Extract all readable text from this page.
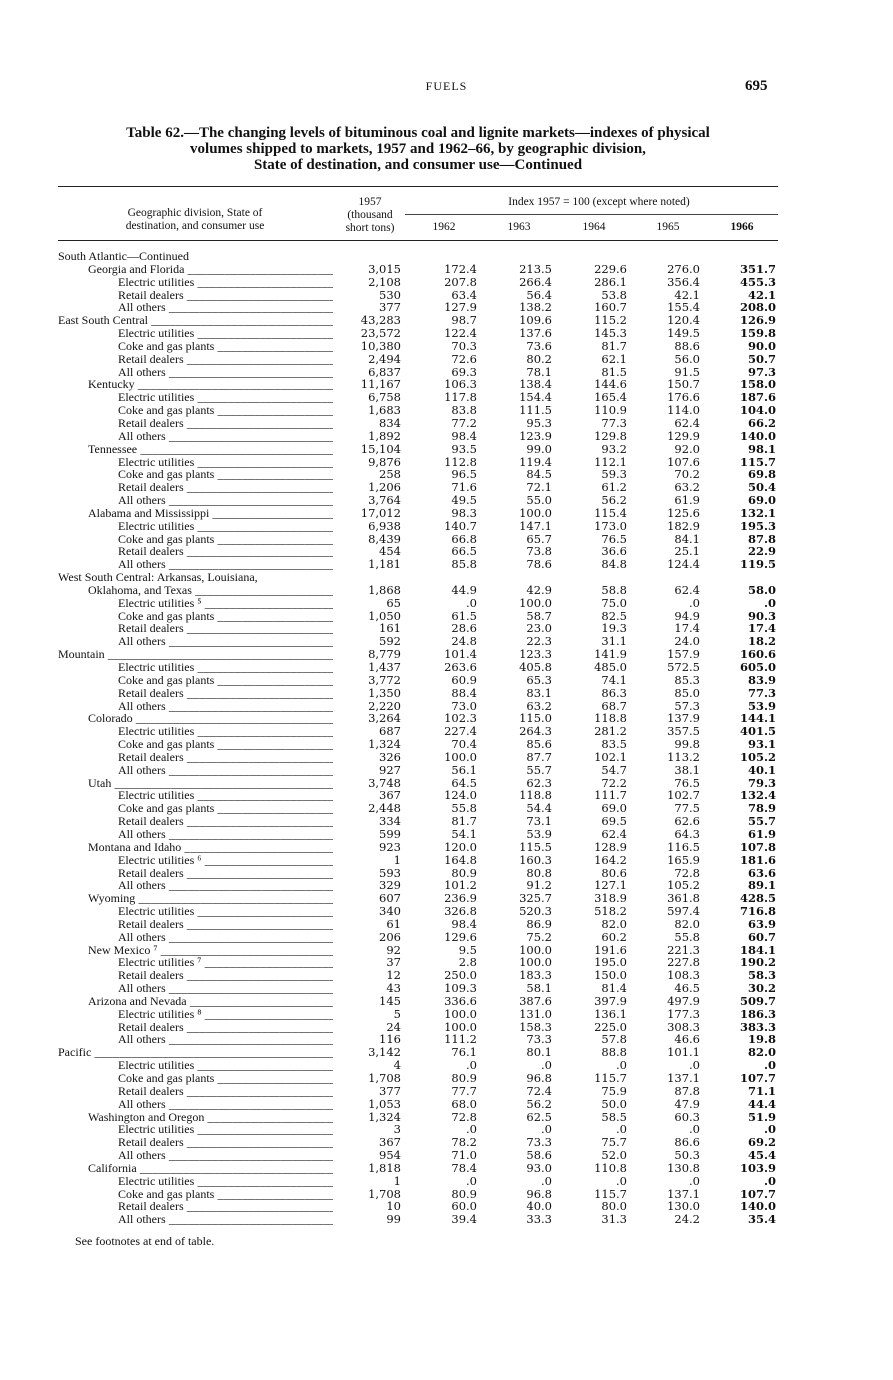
FUELS	695
Table 62.—The changing levels of bituminous coal and lignite markets—indexes of physical
volumes shipped to markets, 1957 and 1962–66, by geographic division,
State of destination, and consumer use—Continued
Geographic division, State of
destination, and consumer use
1957
(thousand
short tons)
Index 1957 = 100 (except where noted)
1962	1963	1964	1965	1966
South Atlantic—Continued
Georgia and Florida _____	3,015	172.4	213.5	229.6	276.0	351.7
Electric utilities _____	2,108	207.8	266.4	286.1	356.4	455.3
Retail dealers _____	530	63.4	56.4	53.8	42.1	42.1
All others _____	377	127.9	138.2	160.7	155.4	208.0
East South Central _____	43,283	98.7	109.6	115.2	120.4	126.9
Electric utilities _____	23,572	122.4	137.6	145.3	149.5	159.8
Coke and gas plants _____	10,380	70.3	73.6	81.7	88.6	90.0
Retail dealers _____	2,494	72.6	80.2	62.1	56.0	50.7
All others _____	6,837	69.3	78.1	81.5	91.5	97.3
Kentucky _____	11,167	106.3	138.4	144.6	150.7	158.0
Electric utilities _____	6,758	117.8	154.4	165.4	176.6	187.6
Coke and gas plants _____	1,683	83.8	111.5	110.9	114.0	104.0
Retail dealers _____	834	77.2	95.3	77.3	62.4	66.2
All others _____	1,892	98.4	123.9	129.8	129.9	140.0
Tennessee _____	15,104	93.5	99.0	93.2	92.0	98.1
Electric utilities _____	9,876	112.8	119.4	112.1	107.6	115.7
Coke and gas plants _____	258	96.5	84.5	59.3	70.2	69.8
Retail dealers _____	1,206	71.6	72.1	61.2	63.2	50.4
All others _____	3,764	49.5	55.0	56.2	61.9	69.0
Alabama and Mississippi _____	17,012	98.3	100.0	115.4	125.6	132.1
Electric utilities _____	6,938	140.7	147.1	173.0	182.9	195.3
Coke and gas plants _____	8,439	66.8	65.7	76.5	84.1	87.8
Retail dealers _____	454	66.5	73.8	36.6	25.1	22.9
All others _____	1,181	85.8	78.6	84.8	124.4	119.5
West South Central: Arkansas, Louisiana,
Oklahoma, and Texas _____	1,868	44.9	42.9	58.8	62.4	58.0
Electric utilities ⁵ _____	65	.0	100.0	75.0	.0	.0
Coke and gas plants _____	1,050	61.5	58.7	82.5	94.9	90.3
Retail dealers _____	161	28.6	23.0	19.3	17.4	17.4
All others _____	592	24.8	22.3	31.1	24.0	18.2
Mountain _____	8,779	101.4	123.3	141.9	157.9	160.6
Electric utilities _____	1,437	263.6	405.8	485.0	572.5	605.0
Coke and gas plants _____	3,772	60.9	65.3	74.1	85.3	83.9
Retail dealers _____	1,350	88.4	83.1	86.3	85.0	77.3
All others _____	2,220	73.0	63.2	68.7	57.3	53.9
Colorado _____	3,264	102.3	115.0	118.8	137.9	144.1
Electric utilities _____	687	227.4	264.3	281.2	357.5	401.5
Coke and gas plants _____	1,324	70.4	85.6	83.5	99.8	93.1
Retail dealers _____	326	100.0	87.7	102.1	113.2	105.2
All others _____	927	56.1	55.7	54.7	38.1	40.1
Utah _____	3,748	64.5	62.3	72.2	76.5	79.3
Electric utilities _____	367	124.0	118.8	111.7	102.7	132.4
Coke and gas plants _____	2,448	55.8	54.4	69.0	77.5	78.9
Retail dealers _____	334	81.7	73.1	69.5	62.6	55.7
All others _____	599	54.1	53.9	62.4	64.3	61.9
Montana and Idaho _____	923	120.0	115.5	128.9	116.5	107.8
Electric utilities ⁶ _____	1	164.8	160.3	164.2	165.9	181.6
Retail dealers _____	593	80.9	80.8	80.6	72.8	63.6
All others _____	329	101.2	91.2	127.1	105.2	89.1
Wyoming _____	607	236.9	325.7	318.9	361.8	428.5
Electric utilities _____	340	326.8	520.3	518.2	597.4	716.8
Retail dealers _____	61	98.4	86.9	82.0	82.0	63.9
All others _____	206	129.6	75.2	60.2	55.8	60.7
New Mexico ⁷ _____	92	9.5	100.0	191.6	221.3	184.1
Electric utilities ⁷ _____	37	2.8	100.0	195.0	227.8	190.2
Retail dealers _____	12	250.0	183.3	150.0	108.3	58.3
All others _____	43	109.3	58.1	81.4	46.5	30.2
Arizona and Nevada _____	145	336.6	387.6	397.9	497.9	509.7
Electric utilities ⁸ _____	5	100.0	131.0	136.1	177.3	186.3
Retail dealers _____	24	100.0	158.3	225.0	308.3	383.3
All others _____	116	111.2	73.3	57.8	46.6	19.8
Pacific _____	3,142	76.1	80.1	88.8	101.1	82.0
Electric utilities _____	4	.0	.0	.0	.0	.0
Coke and gas plants _____	1,708	80.9	96.8	115.7	137.1	107.7
Retail dealers _____	377	77.7	72.4	75.9	87.8	71.1
All others _____	1,053	68.0	56.2	50.0	47.9	44.4
Washington and Oregon _____	1,324	72.8	62.5	58.5	60.3	51.9
Electric utilities _____	3	.0	.0	.0	.0	.0
Retail dealers _____	367	78.2	73.3	75.7	86.6	69.2
All others _____	954	71.0	58.6	52.0	50.3	45.4
California _____	1,818	78.4	93.0	110.8	130.8	103.9
Electric utilities _____	1	.0	.0	.0	.0	.0
Coke and gas plants _____	1,708	80.9	96.8	115.7	137.1	107.7
Retail dealers _____	10	60.0	40.0	80.0	130.0	140.0
All others _____	99	39.4	33.3	31.3	24.2	35.4
See footnotes at end of table.
